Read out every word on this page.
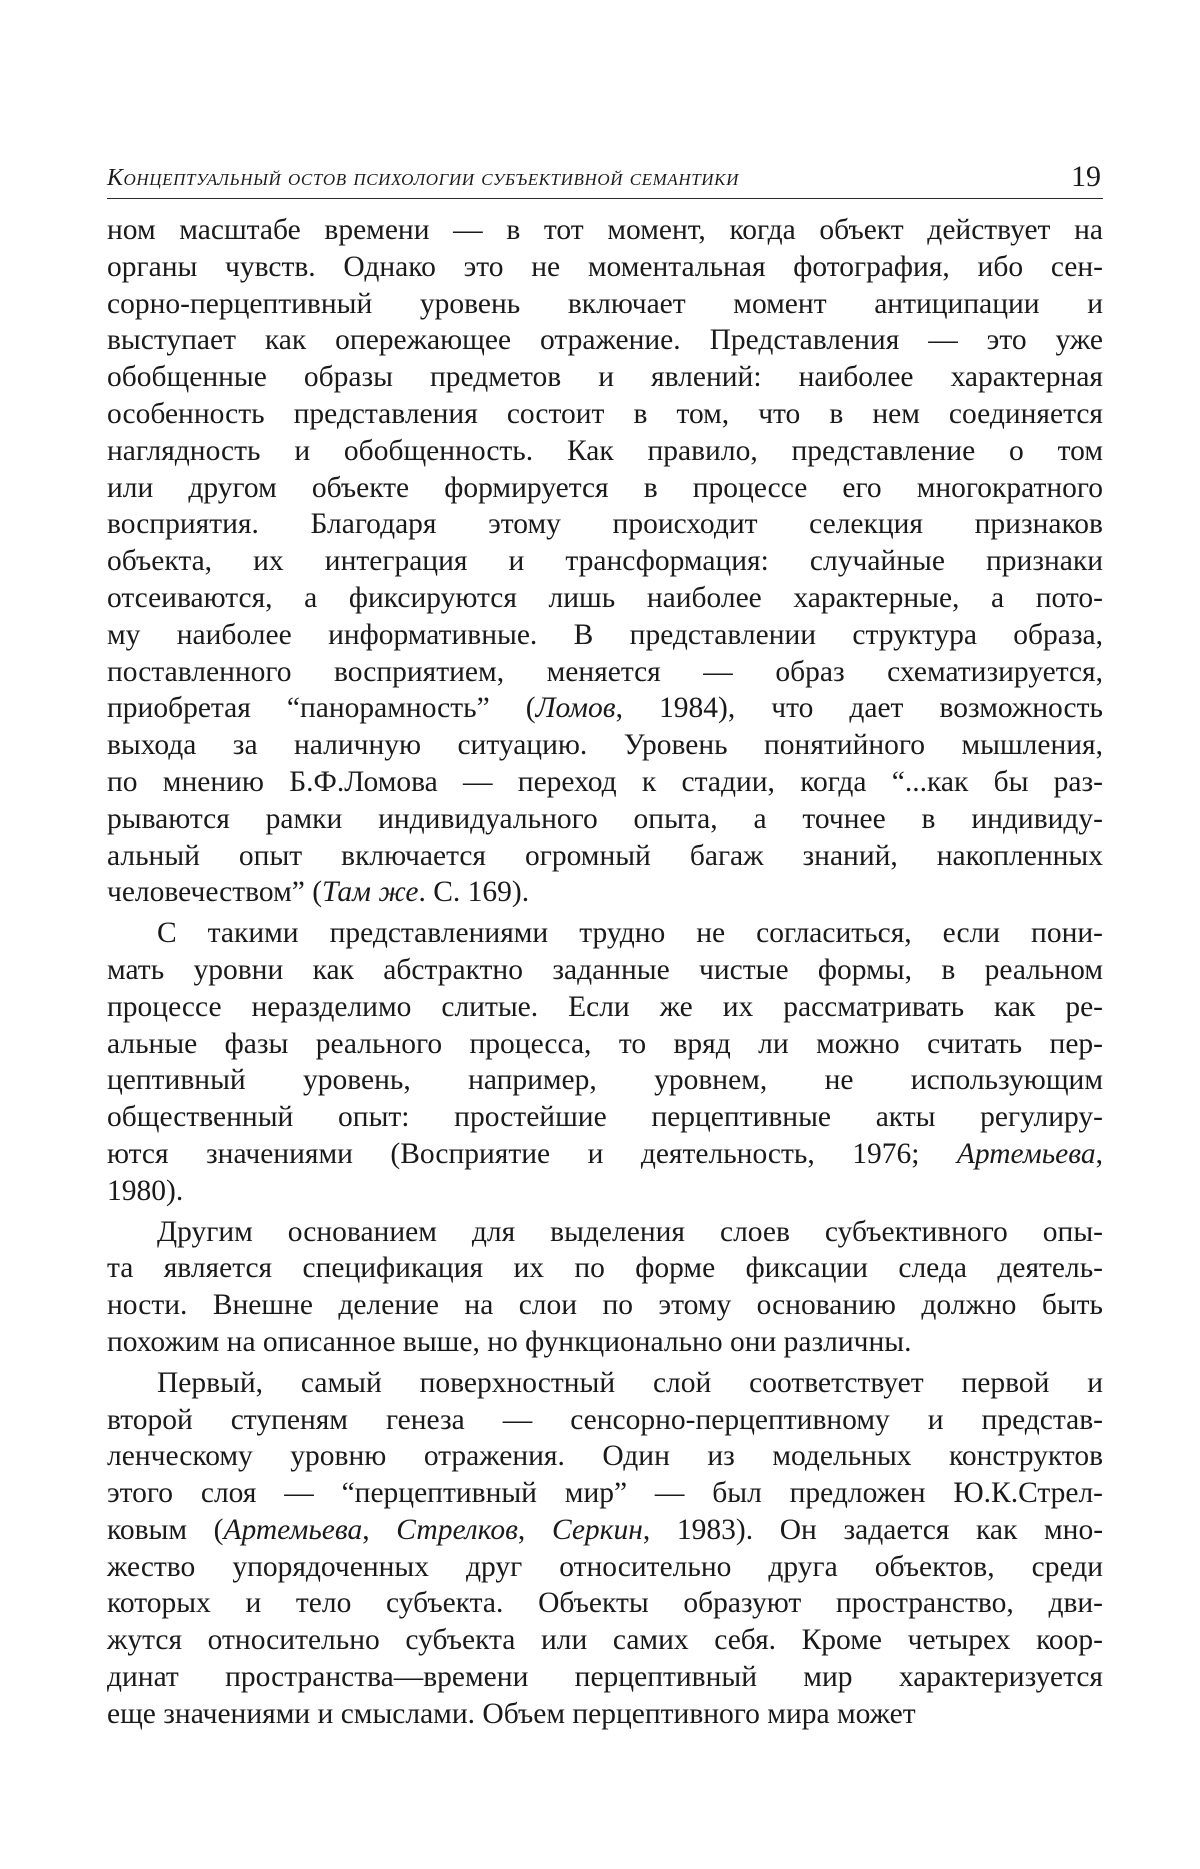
Концептуальный остов психологии субъективной семантики	19
ном масштабе времени — в тот момент, когда объект действует на
органы чувств. Однако это не моментальная фотография, ибо сен-
сорно-перцептивный уровень включает момент антиципации и
выступает как опережающее отражение. Представления — это уже
обобщенные образы предметов и явлений: наиболее характерная
особенность представления состоит в том, что в нем соединяется
наглядность и обобщенность. Как правило, представление о том
или другом объекте формируется в процессе его многократного
восприятия. Благодаря этому происходит селекция признаков
объекта, их интеграция и трансформация: случайные признаки
отсеиваются, а фиксируются лишь наиболее характерные, а пото-
му наиболее информативные. В представлении структура образа,
поставленного восприятием, меняется — образ схематизируется,
приобретая “панорамность” (Ломов, 1984), что дает возможность
выхода за наличную ситуацию. Уровень понятийного мышления,
по мнению Б.Ф.Ломова — переход к стадии, когда “...как бы раз-
рываются рамки индивидуального опыта, а точнее в индивиду-
альный опыт включается огромный багаж знаний, накопленных
человечеством” (Там же. С. 169).
С такими представлениями трудно не согласиться, если пони-
мать уровни как абстрактно заданные чистые формы, в реальном
процессе неразделимо слитые. Если же их рассматривать как ре-
альные фазы реального процесса, то вряд ли можно считать пер-
цептивный уровень, например, уровнем, не использующим
общественный опыт: простейшие перцептивные акты регулиру-
ются значениями (Восприятие и деятельность, 1976; Артемьева,
1980).
Другим основанием для выделения слоев субъективного опы-
та является спецификация их по форме фиксации следа деятель-
ности. Внешне деление на слои по этому основанию должно быть
похожим на описанное выше, но функционально они различны.
Первый, самый поверхностный слой соответствует первой и
второй ступеням генеза — сенсорно-перцептивному и представ-
ленческому уровню отражения. Один из модельных конструктов
этого слоя — “перцептивный мир” — был предложен Ю.К.Стрел-
ковым (Артемьева, Стрелков, Серкин, 1983). Он задается как мно-
жество упорядоченных друг относительно друга объектов, среди
которых и тело субъекта. Объекты образуют пространство, дви-
жутся относительно субъекта или самих себя. Кроме четырех коор-
динат пространства—времени перцептивный мир характеризуется
еще значениями и смыслами. Объем перцептивного мира может
